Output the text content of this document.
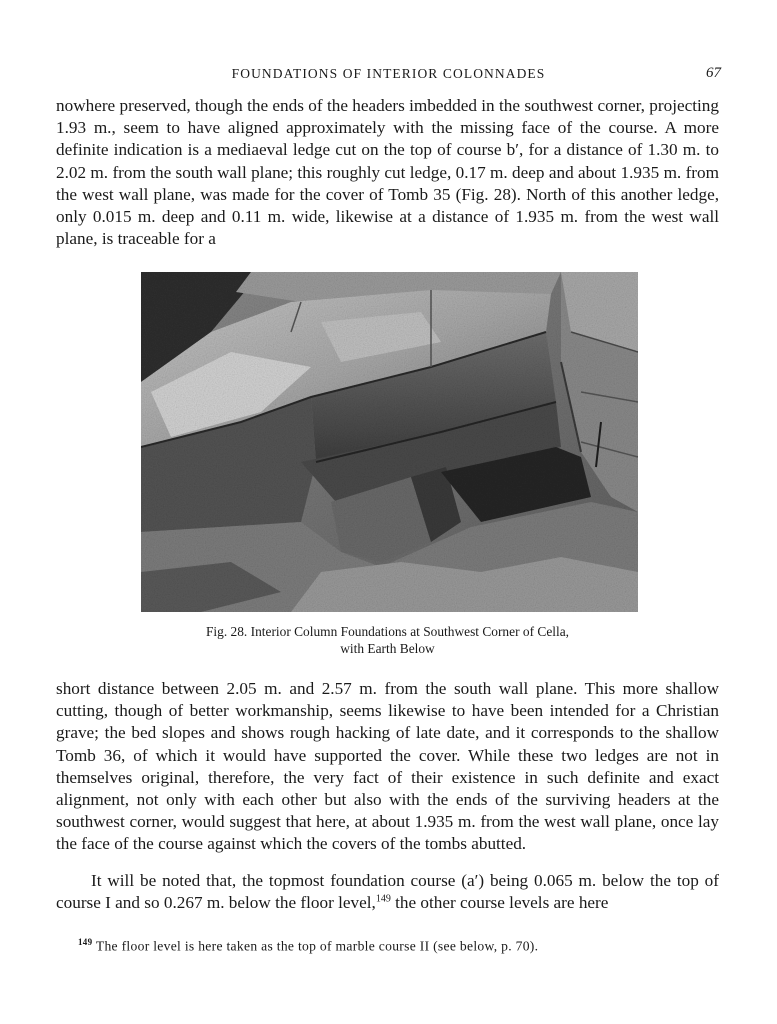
FOUNDATIONS OF INTERIOR COLONNADES	67

nowhere preserved, though the ends of the headers imbedded in the southwest corner, projecting 1.93 m., seem to have aligned approximately with the missing face of the course. A more definite indication is a mediaeval ledge cut on the top of course b′, for a distance of 1.30 m. to 2.02 m. from the south wall plane; this roughly cut ledge, 0.17 m. deep and about 1.935 m. from the west wall plane, was made for the cover of Tomb 35 (Fig. 28). North of this another ledge, only 0.015 m. deep and 0.11 m. wide, likewise at a distance of 1.935 m. from the west wall plane, is traceable for a

Fig. 28. Interior Column Foundations at Southwest Corner of Cella,
with Earth Below

short distance between 2.05 m. and 2.57 m. from the south wall plane. This more shallow cutting, though of better workmanship, seems likewise to have been intended for a Christian grave; the bed slopes and shows rough hacking of late date, and it corresponds to the shallow Tomb 36, of which it would have supported the cover. While these two ledges are not in themselves original, therefore, the very fact of their existence in such definite and exact alignment, not only with each other but also with the ends of the surviving headers at the southwest corner, would suggest that here, at about 1.935 m. from the west wall plane, once lay the face of the course against which the covers of the tombs abutted.

It will be noted that, the topmost foundation course (a′) being 0.065 m. below the top of course I and so 0.267 m. below the floor level,$^{149}$ the other course levels are here

$^{149}$ The floor level is here taken as the top of marble course II (see below, p. 70).
